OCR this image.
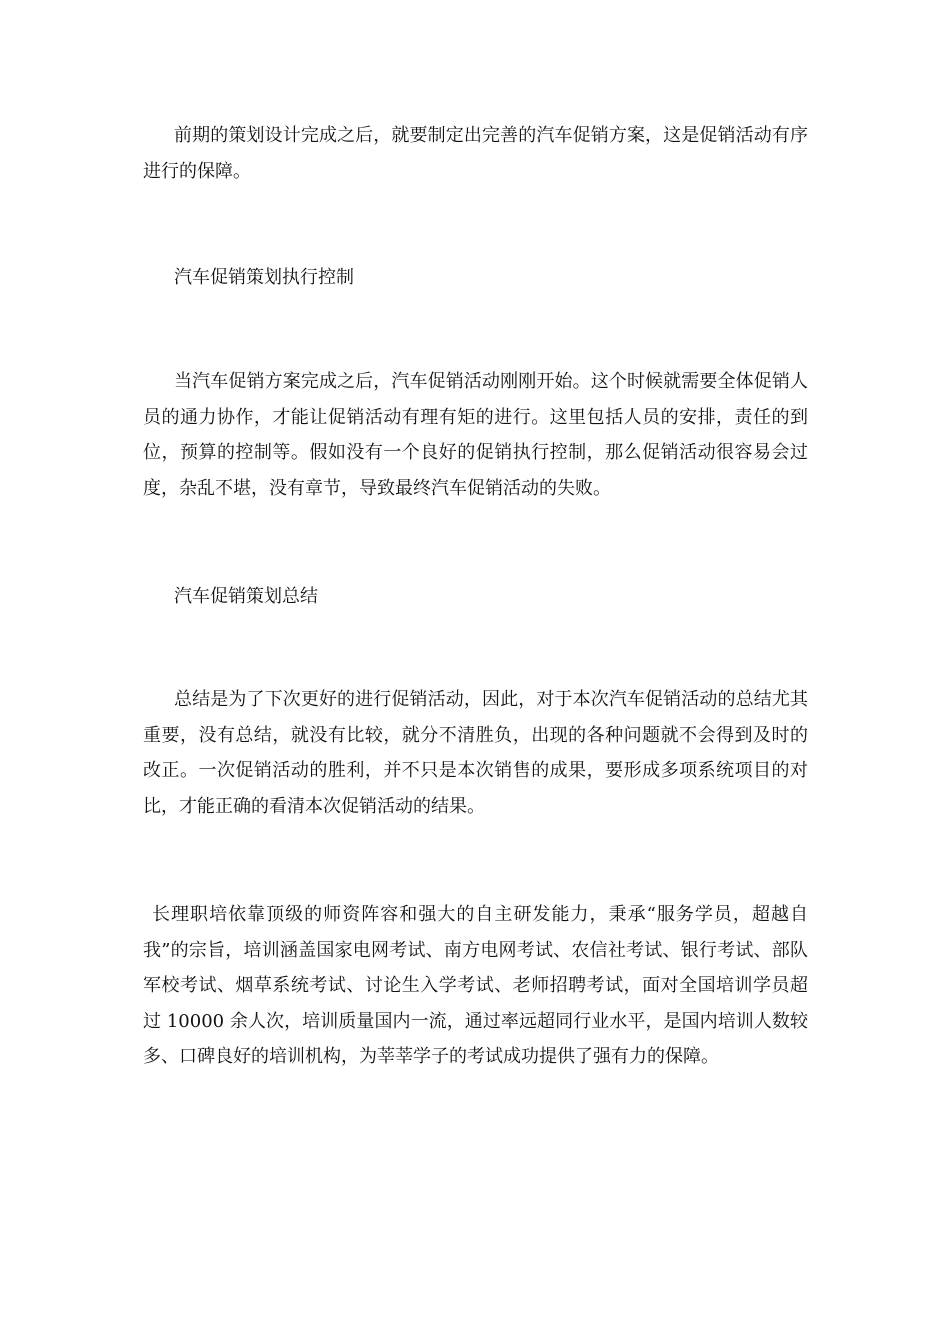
前期的策划设计完成之后，就要制定出完善的汽车促销方案，这是促销活动有序进行的保障。

汽车促销策划执行控制

当汽车促销方案完成之后，汽车促销活动刚刚开始。这个时候就需要全体促销人员的通力协作，才能让促销活动有理有矩的进行。这里包括人员的安排，责任的到位，预算的控制等。假如没有一个良好的促销执行控制，那么促销活动很容易会过度，杂乱不堪，没有章节，导致最终汽车促销活动的失败。

汽车促销策划总结

总结是为了下次更好的进行促销活动，因此，对于本次汽车促销活动的总结尤其重要，没有总结，就没有比较，就分不清胜负，出现的各种问题就不会得到及时的改正。一次促销活动的胜利，并不只是本次销售的成果，要形成多项系统项目的对比，才能正确的看清本次促销活动的结果。

长理职培依靠顶级的师资阵容和强大的自主研发能力，秉承“服务学员，超越自我”的宗旨，培训涵盖国家电网考试、南方电网考试、农信社考试、银行考试、部队军校考试、烟草系统考试、讨论生入学考试、老师招聘考试，面对全国培训学员超过 10000 余人次，培训质量国内一流，通过率远超同行业水平，是国内培训人数较多、口碑良好的培训机构，为莘莘学子的考试成功提供了强有力的保障。
